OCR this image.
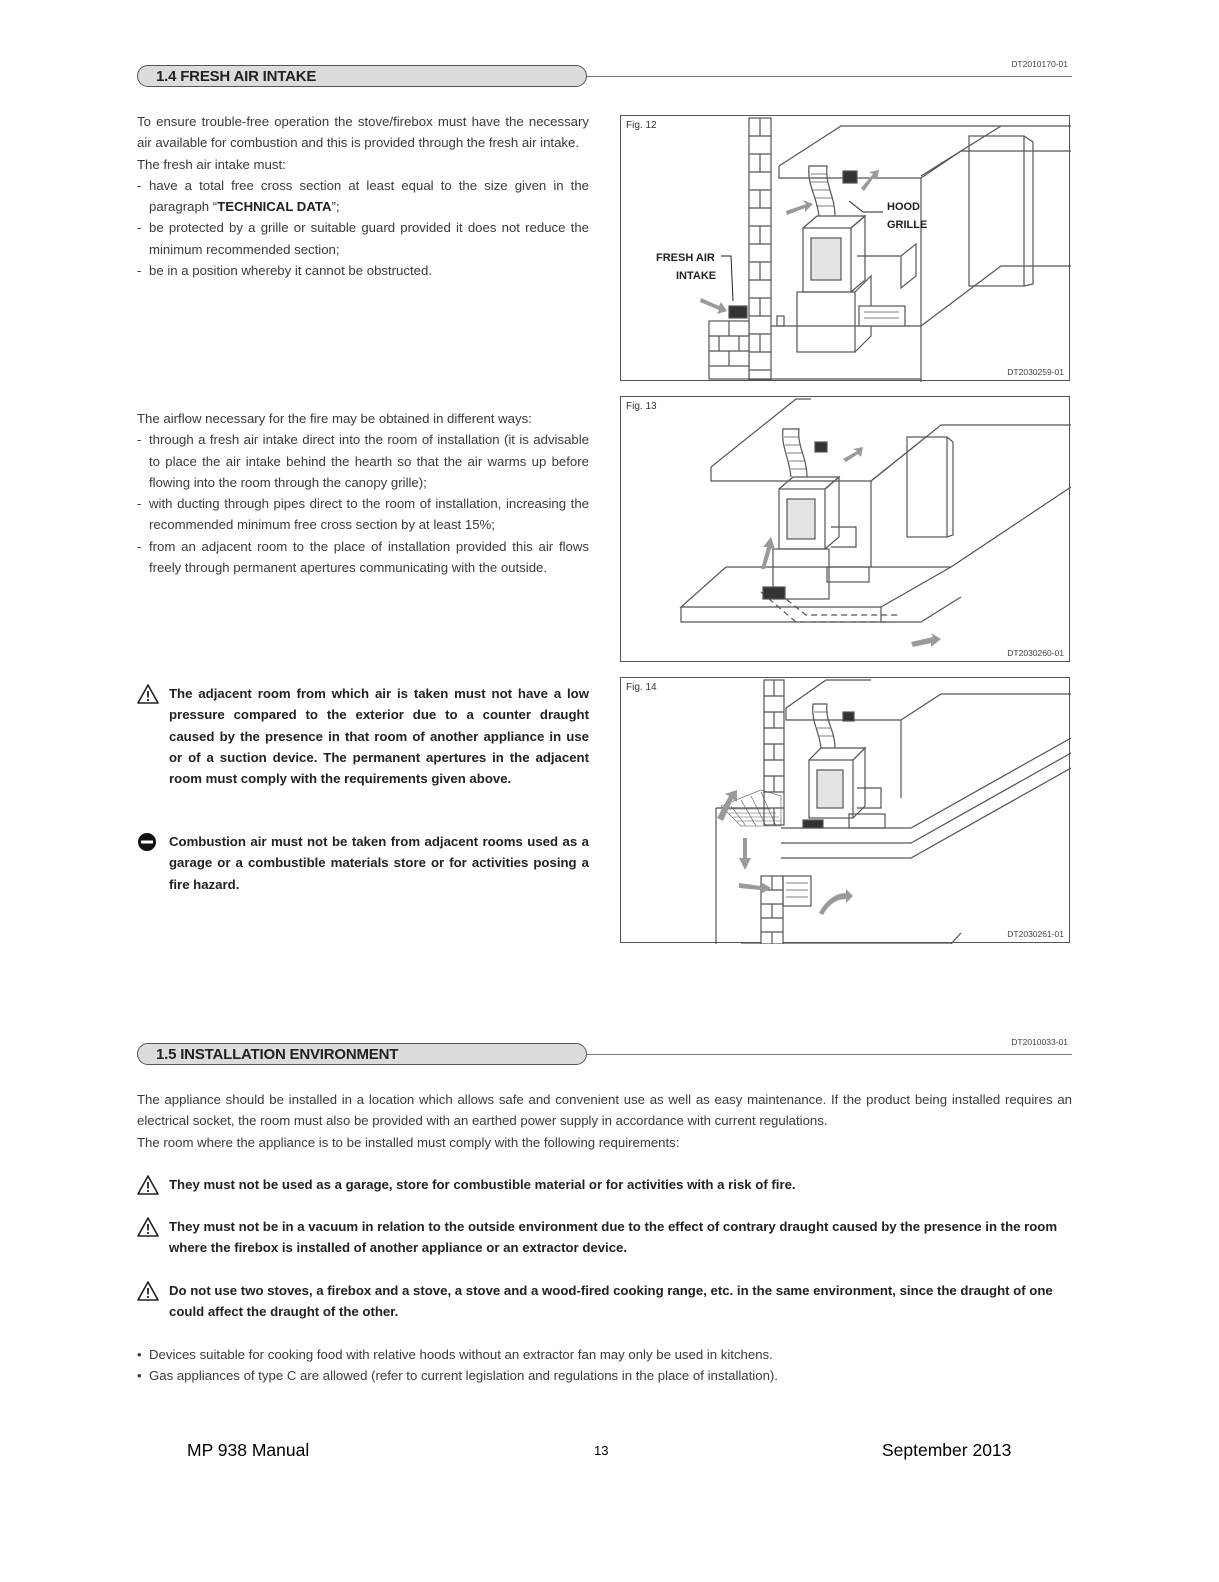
1.4 FRESH AIR INTAKE
DT2010170-01

To ensure trouble-free operation the stove/firebox must have the necessary air available for combustion and this is provided through the fresh air intake.

The fresh air intake must:

- have a total free cross section at least equal to the size given in the paragraph “TECHNICAL DATA”;
- be protected by a grille or suitable guard provided it does not reduce the minimum recommended section;
- be in a position whereby it cannot be obstructed.

The airflow necessary for the fire may be obtained in different ways:

- through a fresh air intake direct into the room of installation (it is advisable to place the air intake behind the hearth so that the air warms up before flowing into the room through the canopy grille);
- with ducting through pipes direct to the room of installation, increasing the recommended minimum free cross section by at least 15%;
- from an adjacent room to the place of installation provided this air flows freely through permanent apertures communicating with the outside.
The adjacent room from which air is taken must not have a low pressure compared to the exterior due to a counter draught caused by the presence in that room of another appliance in use or of a suction device. The permanent apertures in the adjacent room must comply with the requirements given above.
Combustion air must not be taken from adjacent rooms used as a garage or a combustible materials store or for activities posing a fire hazard.
HOOD
GRILLE
FRESH AIR
INTAKE
Fig. 12
DT2030259-01
Fig. 13
DT2030260-01
Fig. 14
DT2030261-01
1.5 INSTALLATION ENVIRONMENT
DT2010033-01

The appliance should be installed in a location which allows safe and convenient use as well as easy maintenance. If the product being installed requires an electrical socket, the room must also be provided with an earthed power supply in accordance with current regulations.

The room where the appliance is to be installed must comply with the following requirements:

They must not be used as a garage, store for combustible material or for activities with a risk of fire.
They must not be in a vacuum in relation to the outside environment due to the effect of contrary draught caused by the presence in the room where the firebox is installed of another appliance or an extractor device.
Do not use two stoves, a firebox and a stove, a stove and a wood-fired cooking range, etc. in the same environment, since the draught of one could affect the draught of the other.
• Devices suitable for cooking food with relative hoods without an extractor fan may only be used in kitchens.
• Gas appliances of type C are allowed (refer to current legislation and regulations in the place of installation).
MP 938 Manual	13	September 2013
